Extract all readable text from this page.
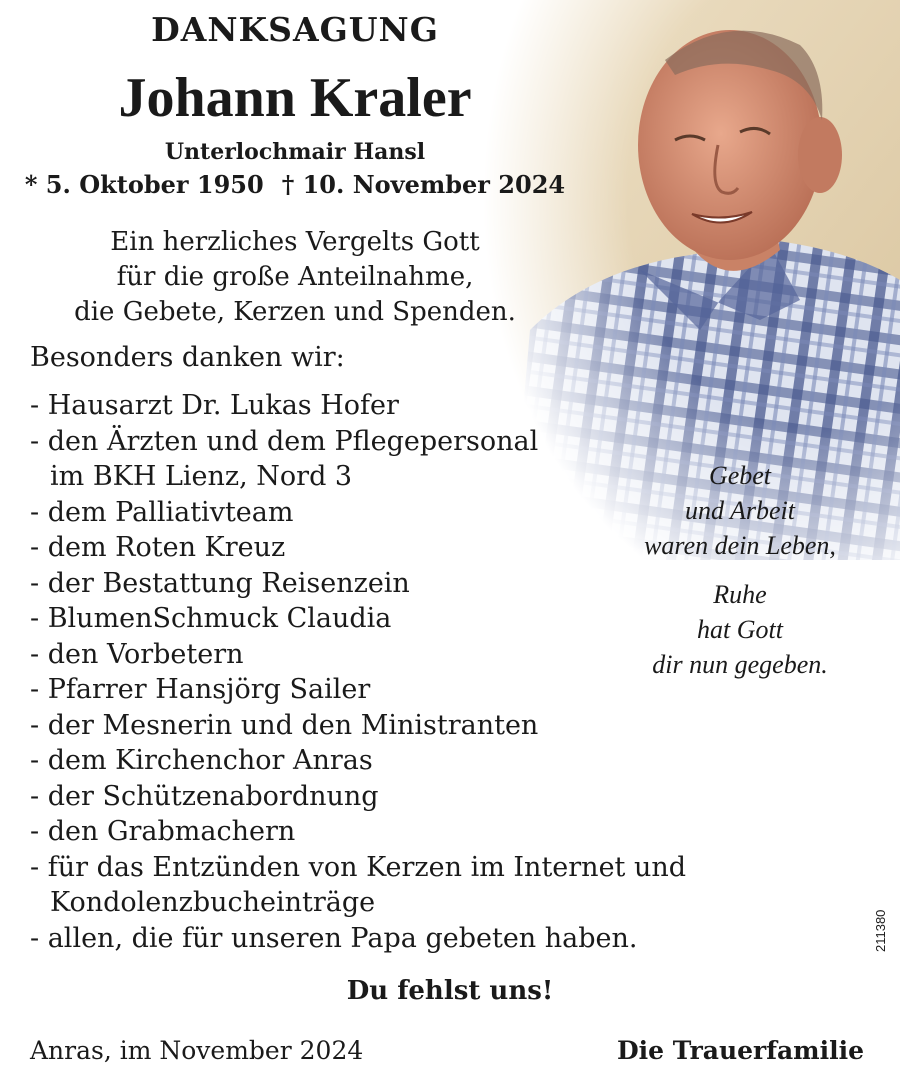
DANKSAGUNG
Johann Kraler
Unterlochmair Hansl
* 5. Oktober 1950 † 10. November 2024
Ein herzliches Vergelts Gott
für die große Anteilnahme,
die Gebete, Kerzen und Spenden.
Besonders danken wir:
- Hausarzt Dr. Lukas Hofer
- den Ärzten und dem Pflegepersonal
im BKH Lienz, Nord 3
- dem Palliativteam
- dem Roten Kreuz
- der Bestattung Reisenzein
- BlumenSchmuck Claudia
- den Vorbetern
- Pfarrer Hansjörg Sailer
- der Mesnerin und den Ministranten
- dem Kirchenchor Anras
- der Schützenabordnung
- den Grabmachern
- für das Entzünden von Kerzen im Internet und
Kondolenzbucheinträge
- allen, die für unseren Papa gebeten haben.
Gebet
und Arbeit
waren dein Leben,
Ruhe
hat Gott
dir nun gegeben.
Du fehlst uns!
Anras, im November 2024	Die Trauerfamilie
211380
